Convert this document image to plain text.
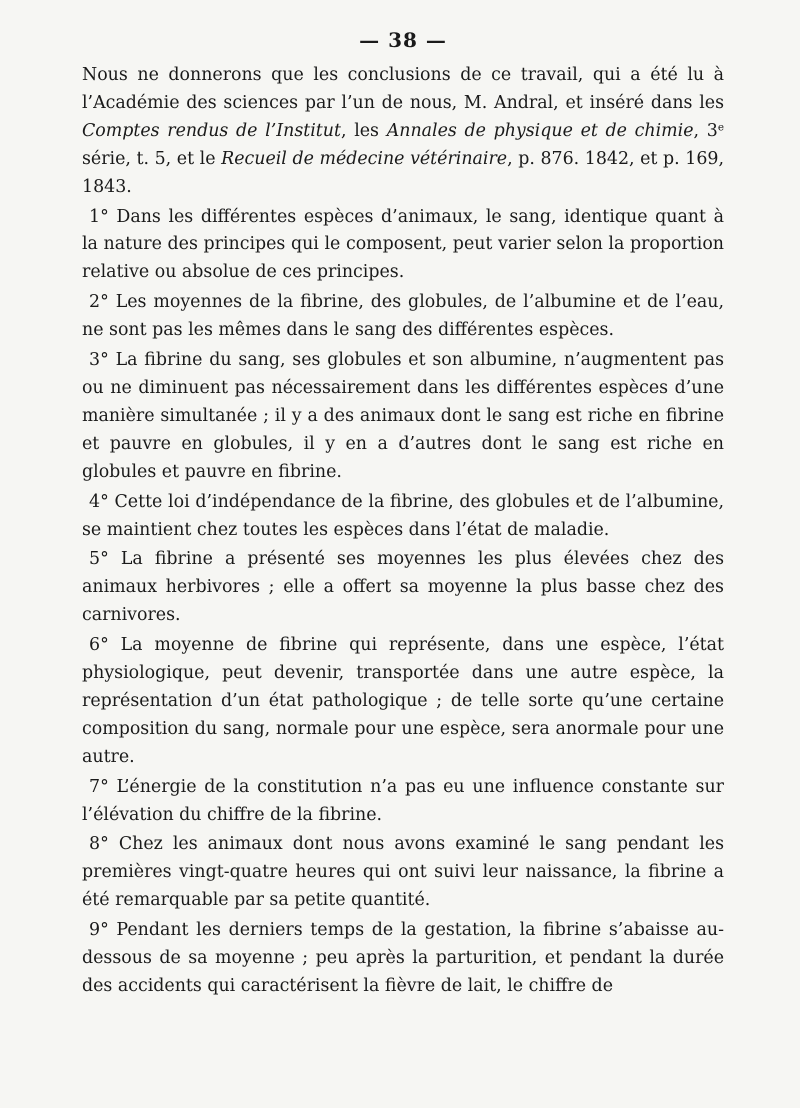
— 38 —

Nous ne donnerons que les conclusions de ce travail, qui a été lu à l’Académie des sciences par l’un de nous, M. Andral, et inséré dans les Comptes rendus de l’Institut, les Annales de physique et de chimie, 3e série, t. 5, et le Recueil de médecine vétérinaire, p. 876. 1842, et p. 169, 1843.

1° Dans les différentes espèces d’animaux, le sang, identique quant à la nature des principes qui le composent, peut varier selon la proportion relative ou absolue de ces principes.

2° Les moyennes de la fibrine, des globules, de l’albumine et de l’eau, ne sont pas les mêmes dans le sang des différentes espèces.

3° La fibrine du sang, ses globules et son albumine, n’augmentent pas ou ne diminuent pas nécessairement dans les différentes espèces d’une manière simultanée ; il y a des animaux dont le sang est riche en fibrine et pauvre en globules, il y en a d’autres dont le sang est riche en globules et pauvre en fibrine.

4° Cette loi d’indépendance de la fibrine, des globules et de l’albumine, se maintient chez toutes les espèces dans l’état de maladie.

5° La fibrine a présenté ses moyennes les plus élevées chez des animaux herbivores ; elle a offert sa moyenne la plus basse chez des carnivores.

6° La moyenne de fibrine qui représente, dans une espèce, l’état physiologique, peut devenir, transportée dans une autre espèce, la représentation d’un état pathologique ; de telle sorte qu’une certaine composition du sang, normale pour une espèce, sera anormale pour une autre.

7° L’énergie de la constitution n’a pas eu une influence constante sur l’élévation du chiffre de la fibrine.

8° Chez les animaux dont nous avons examiné le sang pendant les premières vingt-quatre heures qui ont suivi leur naissance, la fibrine a été remarquable par sa petite quantité.

9° Pendant les derniers temps de la gestation, la fibrine s’abaisse au-dessous de sa moyenne ; peu après la parturition, et pendant la durée des accidents qui caractérisent la fièvre de lait, le chiffre de
